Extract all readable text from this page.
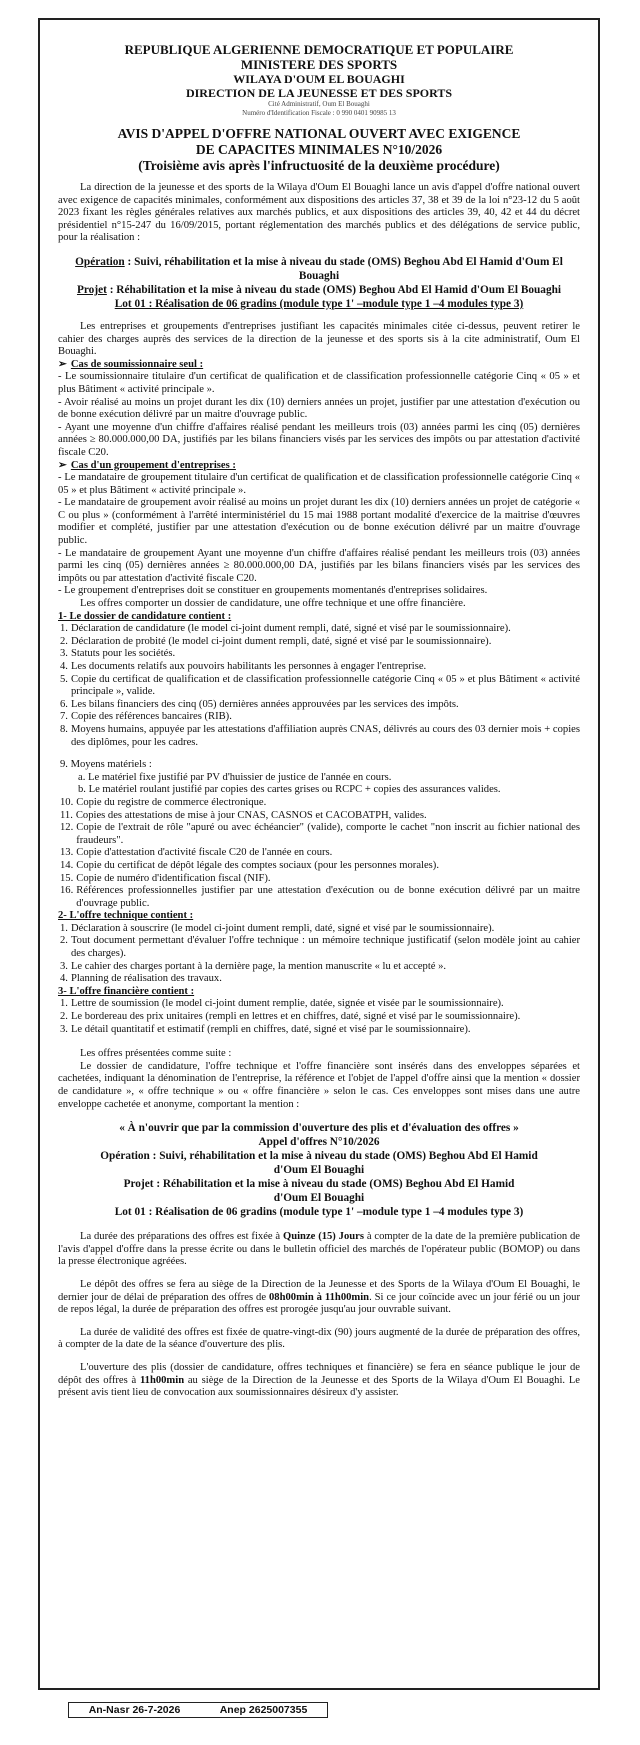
REPUBLIQUE ALGERIENNE DEMOCRATIQUE ET POPULAIRE
MINISTERE DES SPORTS
WILAYA D'OUM EL BOUAGHI
DIRECTION DE LA JEUNESSE ET DES SPORTS
Cité Administratif, Oum El Bouaghi
Numéro d'Identification Fiscale : 0 990 0401 90985 13
AVIS D'APPEL D'OFFRE NATIONAL OUVERT AVEC EXIGENCE
DE CAPACITES MINIMALES N°10/2026
(Troisième avis après l'infructuosité de la deuxième procédure)

La direction de la jeunesse et des sports de la Wilaya d'Oum El Bouaghi lance un avis d'appel d'offre national ouvert avec exigence de capacités minimales, conformément aux dispositions des articles 37, 38 et 39 de la loi n°23-12 du 5 août 2023 fixant les règles générales relatives aux marchés publics, et aux dispositions des articles 39, 40, 42 et 44 du décret présidentiel n°15-247 du 16/09/2015, portant réglementation des marchés publics et des délégations de service public, pour la réalisation :

Opération : Suivi, réhabilitation et la mise à niveau du stade (OMS) Beghou Abd El Hamid d'Oum El Bouaghi
Projet : Réhabilitation et la mise à niveau du stade (OMS) Beghou Abd El Hamid d'Oum El Bouaghi
Lot 01 : Réalisation de 06 gradins (module type 1' –module type 1 –4 modules type 3)

Les entreprises et groupements d'entreprises justifiant les capacités minimales citée ci-dessus, peuvent retirer le cahier des charges auprès des services de la direction de la jeunesse et des sports sis à la cite administratif, Oum El Bouaghi.

➢ Cas de soumissionnaire seul :

- Le soumissionnaire titulaire d'un certificat de qualification et de classification professionnelle catégorie Cinq « 05 » et plus Bâtiment « activité principale ».

- Avoir réalisé au moins un projet durant les dix (10) derniers années un projet, justifier par une attestation d'exécution ou de bonne exécution délivré par un maitre d'ouvrage public.

- Ayant une moyenne d'un chiffre d'affaires réalisé pendant les meilleurs trois (03) années parmi les cinq (05) dernières années ≥ 80.000.000,00 DA, justifiés par les bilans financiers visés par les services des impôts ou par attestation d'activité fiscale C20.

➢ Cas d'un groupement d'entreprises :

- Le mandataire de groupement titulaire d'un certificat de qualification et de classification professionnelle catégorie Cinq « 05 » et plus Bâtiment « activité principale ».

- Le mandataire de groupement avoir réalisé au moins un projet durant les dix (10) derniers années un projet de catégorie « C ou plus » (conformément à l'arrêté interministériel du 15 mai 1988 portant modalité d'exercice de la maitrise d'œuvres modifier et complété, justifier par une attestation d'exécution ou de bonne exécution délivré par un maitre d'ouvrage public.

- Le mandataire de groupement Ayant une moyenne d'un chiffre d'affaires réalisé pendant les meilleurs trois (03) années parmi les cinq (05) dernières années ≥ 80.000.000,00 DA, justifiés par les bilans financiers visés par les services des impôts ou par attestation d'activité fiscale C20.

- Le groupement d'entreprises doit se constituer en groupements momentanés d'entreprises solidaires.

Les offres comporter un dossier de candidature, une offre technique et une offre financière.

1- Le dossier de candidature contient :
1. Déclaration de candidature (le model ci-joint dument rempli, daté, signé et visé par le soumissionnaire).
2. Déclaration de probité (le model ci-joint dument rempli, daté, signé et visé par le soumissionnaire).
3. Statuts pour les sociétés.
4. Les documents relatifs aux pouvoirs habilitants les personnes à engager l'entreprise.
5. Copie du certificat de qualification et de classification professionnelle catégorie Cinq « 05 » et plus Bâtiment « activité principale », valide.
6. Les bilans financiers des cinq (05) dernières années approuvées par les services des impôts.
7. Copie des références bancaires (RIB).
8. Moyens humains, appuyée par les attestations d'affiliation auprès CNAS, délivrés au cours des 03 dernier mois + copies des diplômes, pour les cadres.
9. Moyens matériels :
a. Le matériel fixe justifié par PV d'huissier de justice de l'année en cours.
b. Le matériel roulant justifié par copies des cartes grises ou RCPC + copies des assurances valides.
10. Copie du registre de commerce électronique.
11. Copies des attestations de mise à jour CNAS, CASNOS et CACOBATPH, valides.
12. Copie de l'extrait de rôle "apuré ou avec échéancier" (valide), comporte le cachet "non inscrit au fichier national des fraudeurs".
13. Copie d'attestation d'activité fiscale C20 de l'année en cours.
14. Copie du certificat de dépôt légale des comptes sociaux (pour les personnes morales).
15. Copie de numéro d'identification fiscal (NIF).
16. Références professionnelles justifier par une attestation d'exécution ou de bonne exécution délivré par un maitre d'ouvrage public.
2- L'offre technique contient :
1. Déclaration à souscrire (le model ci-joint dument rempli, daté, signé et visé par le soumissionnaire).
2. Tout document permettant d'évaluer l'offre technique : un mémoire technique justificatif (selon modèle joint au cahier des charges).
3. Le cahier des charges portant à la dernière page, la mention manuscrite « lu et accepté ».
4. Planning de réalisation des travaux.
3- L'offre financière contient :
1. Lettre de soumission (le model ci-joint dument remplie, datée, signée et visée par le soumissionnaire).
2. Le bordereau des prix unitaires (rempli en lettres et en chiffres, daté, signé et visé par le soumissionnaire).
3. Le détail quantitatif et estimatif (rempli en chiffres, daté, signé et visé par le soumissionnaire).

Les offres présentées comme suite :

Le dossier de candidature, l'offre technique et l'offre financière sont insérés dans des enveloppes séparées et cachetées, indiquant la dénomination de l'entreprise, la référence et l'objet de l'appel d'offre ainsi que la mention « dossier de candidature », « offre technique » ou « offre financière » selon le cas. Ces enveloppes sont mises dans une autre enveloppe cachetée et anonyme, comportant la mention :

« À n'ouvrir que par la commission d'ouverture des plis et d'évaluation des offres »
Appel d'offres N°10/2026
Opération : Suivi, réhabilitation et la mise à niveau du stade (OMS) Beghou Abd El Hamid
d'Oum El Bouaghi
Projet : Réhabilitation et la mise à niveau du stade (OMS) Beghou Abd El Hamid
d'Oum El Bouaghi
Lot 01 : Réalisation de 06 gradins (module type 1' –module type 1 –4 modules type 3)

La durée des préparations des offres est fixée à Quinze (15) Jours à compter de la date de la première publication de l'avis d'appel d'offre dans la presse écrite ou dans le bulletin officiel des marchés de l'opérateur public (BOMOP) ou dans la presse électronique agréées.

Le dépôt des offres se fera au siège de la Direction de la Jeunesse et des Sports de la Wilaya d'Oum El Bouaghi, le dernier jour de délai de préparation des offres de 08h00min à 11h00min. Si ce jour coïncide avec un jour férié ou un jour de repos légal, la durée de préparation des offres est prorogée jusqu'au jour ouvrable suivant.

La durée de validité des offres est fixée de quatre-vingt-dix (90) jours augmenté de la durée de préparation des offres, à compter de la date de la séance d'ouverture des plis.

L'ouverture des plis (dossier de candidature, offres techniques et financière) se fera en séance publique le jour de dépôt des offres à 11h00min au siège de la Direction de la Jeunesse et des Sports de la Wilaya d'Oum El Bouaghi. Le présent avis tient lieu de convocation aux soumissionnaires désireux d'y assister.

An-Nasr 26-7-2026	Anep 2625007355
